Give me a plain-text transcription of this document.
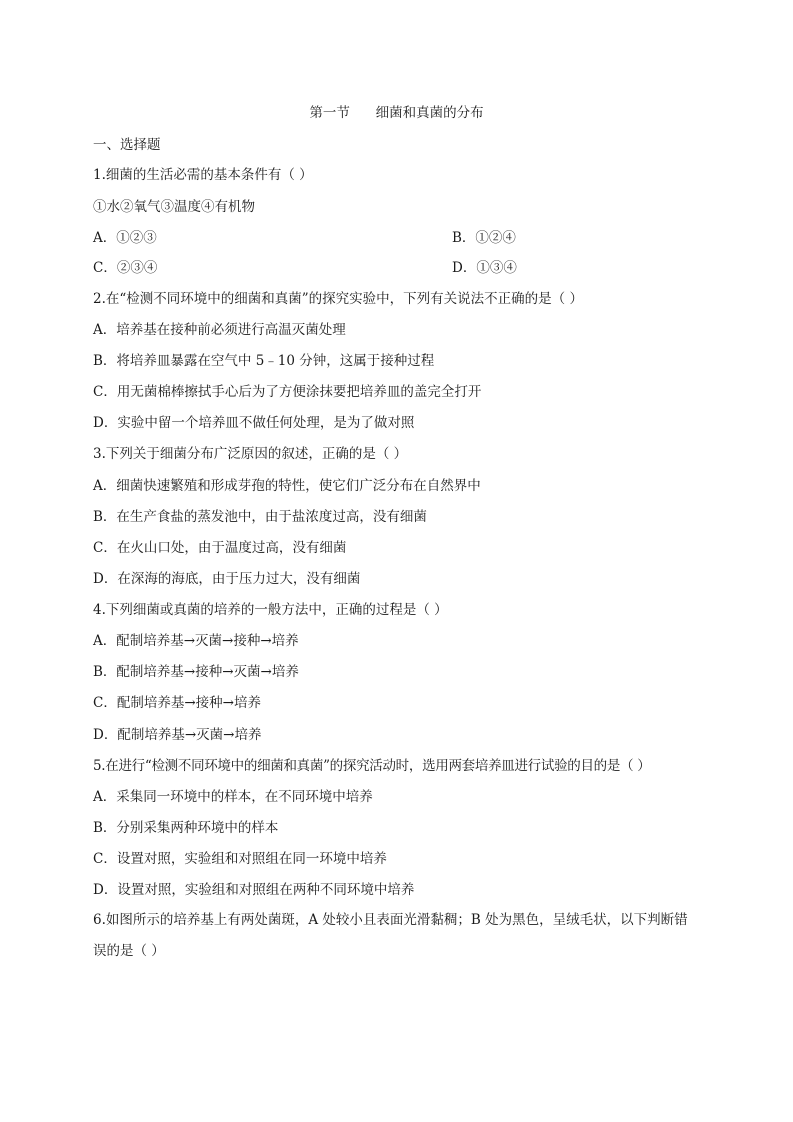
第一节      细菌和真菌的分布
一、选择题
1.细菌的生活必需的基本条件有（ ）
①水②氧气③温度④有机物
A．①②③	B．①②④
C．②③④	D．①③④
2.在“检测不同环境中的细菌和真菌”的探究实验中，下列有关说法不正确的是（ ）
A．培养基在接种前必须进行高温灭菌处理
B．将培养皿暴露在空气中 5﹣10 分钟，这属于接种过程
C．用无菌棉棒擦拭手心后为了方便涂抹要把培养皿的盖完全打开
D．实验中留一个培养皿不做任何处理，是为了做对照
3.下列关于细菌分布广泛原因的叙述，正确的是（ ）
A．细菌快速繁殖和形成芽孢的特性，使它们广泛分布在自然界中
B．在生产食盐的蒸发池中，由于盐浓度过高，没有细菌
C．在火山口处，由于温度过高，没有细菌
D．在深海的海底，由于压力过大，没有细菌
4.下列细菌或真菌的培养的一般方法中，正确的过程是（ ）
A．配制培养基→灭菌→接种→培养
B．配制培养基→接种→灭菌→培养
C．配制培养基→接种→培养
D．配制培养基→灭菌→培养
5.在进行“检测不同环境中的细菌和真菌”的探究活动时，选用两套培养皿进行试验的目的是（ ）
A．采集同一环境中的样本，在不同环境中培养
B．分别采集两种环境中的样本
C．设置对照，实验组和对照组在同一环境中培养
D．设置对照，实验组和对照组在两种不同环境中培养
6.如图所示的培养基上有两处菌斑，A 处较小且表面光滑黏稠；B 处为黑色，呈绒毛状，以下判断错误的是（ ）
